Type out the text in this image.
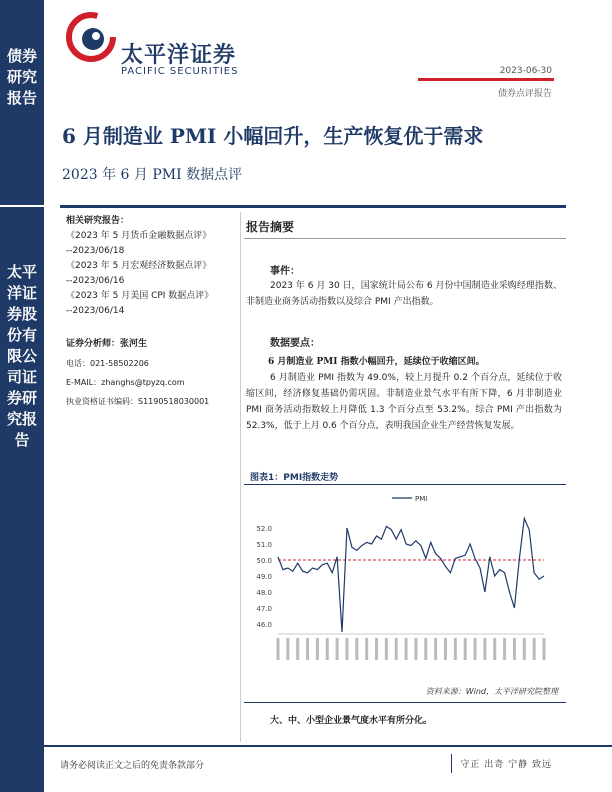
债券研究报告
太平洋证券股份有限公司证券研究报告
太平洋证券
PACIFIC SECURITIES	2023-06-30
债券点评报告
6 月制造业 PMI 小幅回升，生产恢复优于需求
2023 年 6 月 PMI 数据点评
相关研究报告：
《2023 年 5 月货币金融数据点评》
--2023/06/18
《2023 年 5 月宏观经济数据点评》
--2023/06/16
《2023 年 5 月美国 CPI 数据点评》
--2023/06/14
证券分析师：张河生
电话：021-58502206
E-MAIL：zhanghs@tpyzq.com
执业资格证书编码：S1190518030001
报告摘要
事件：
2023 年 6 月 30 日，国家统计局公布 6 月份中国制造业采购经理指数、非制造业商务活动指数以及综合 PMI 产出指数。
数据要点：
6 月制造业 PMI 指数小幅回升，延续位于收缩区间。
6 月制造业 PMI 指数为 49.0%，较上月提升 0.2 个百分点，延续位于收缩区间，经济修复基础仍需巩固。非制造业景气水平有所下降，6 月非制造业 PMI 商务活动指数较上月降低 1.3 个百分点至 53.2%。综合 PMI 产出指数为 52.3%，低于上月 0.6 个百分点，表明我国企业生产经营恢复发展。
图表1：PMI指数走势
PMI
52.0
51.0
50.0
49.0
48.0
47.0
46.0
资料来源：Wind，太平洋研究院整理
大、中、小型企业景气度水平有所分化。
请务必阅读正文之后的免责条款部分	守正 出奇 宁静 致远
